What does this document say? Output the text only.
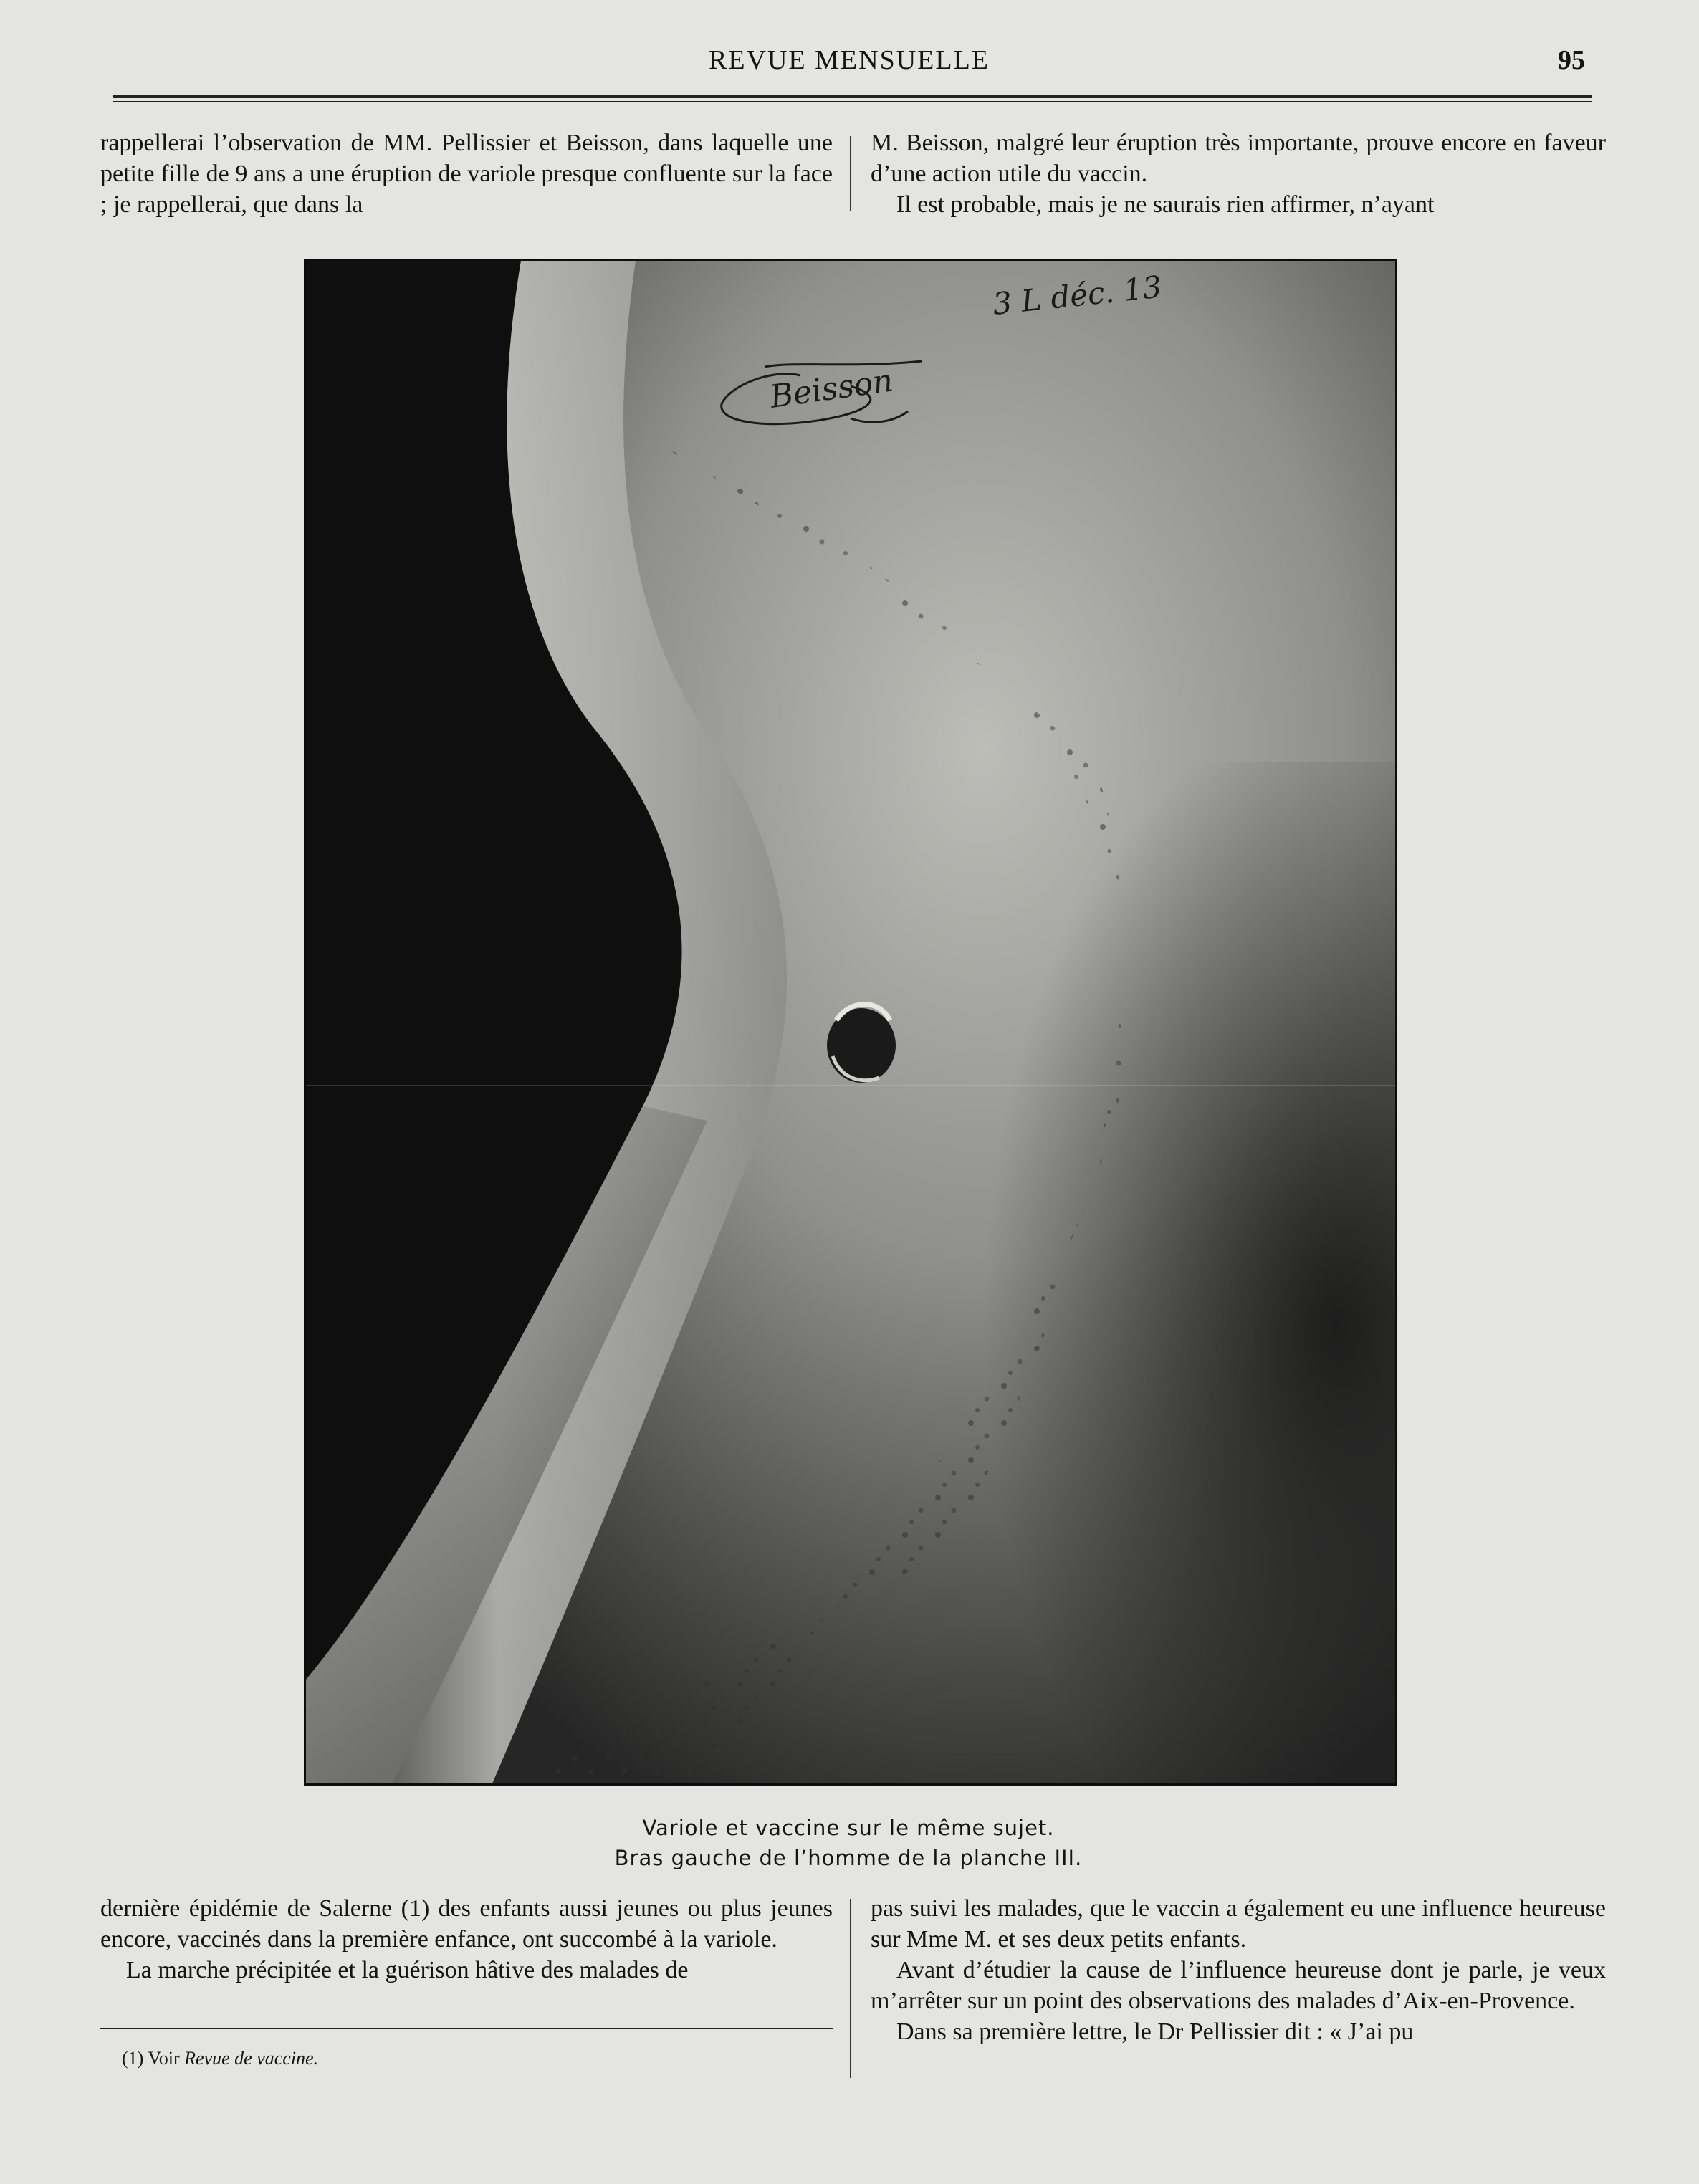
REVUE MENSUELLE	95

rappellerai l’observation de MM. Pellissier et Beisson, dans laquelle une petite fille de 9 ans a une éruption de variole presque confluente sur la face ; je rappellerai, que dans la

M. Beisson, malgré leur éruption très importante, prouve encore en faveur d’une action utile du vaccin.

Il est probable, mais je ne saurais rien affirmer, n’ayant

3 L déc. 13
Beisson
Variole et vaccine sur le même sujet.
Bras gauche de l’homme de la planche III.

dernière épidémie de Salerne (1) des enfants aussi jeunes ou plus jeunes encore, vaccinés dans la première enfance, ont succombé à la variole.

La marche précipitée et la guérison hâtive des malades de

(1) Voir Revue de vaccine.

pas suivi les malades, que le vaccin a également eu une influence heureuse sur Mme M. et ses deux petits enfants.

Avant d’étudier la cause de l’influence heureuse dont je parle, je veux m’arrêter sur un point des observations des malades d’Aix-en-Provence.

Dans sa première lettre, le Dr Pellissier dit : « J’ai pu
